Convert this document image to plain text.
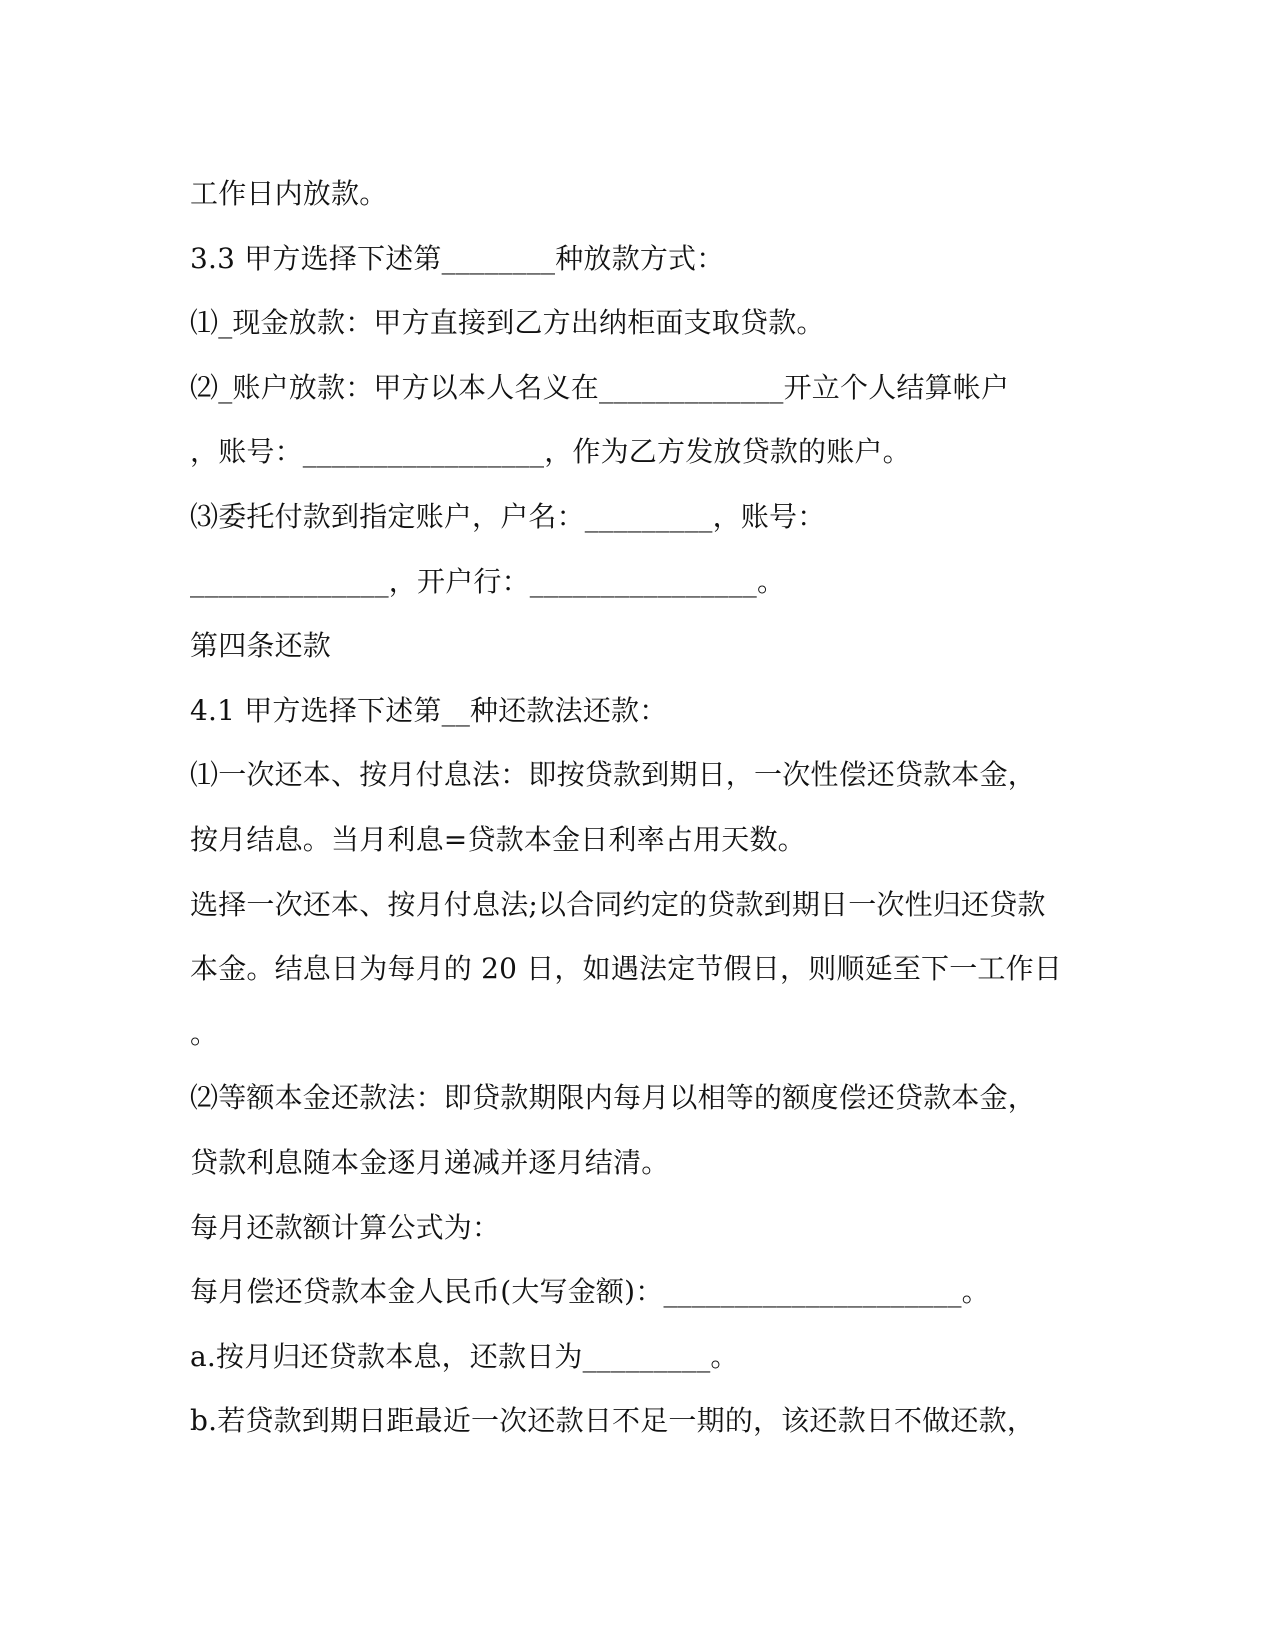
工作日内放款。

3.3 甲方选择下述第________种放款方式：

⑴_现金放款：甲方直接到乙方出纳柜面支取贷款。

⑵_账户放款：甲方以本人名义在_____________开立个人结算帐户

，账号：_________________，作为乙方发放贷款的账户。

⑶委托付款到指定账户，户名：_________，账号：

______________，开户行：________________。

第四条还款

4.1 甲方选择下述第__种还款法还款：

⑴一次还本、按月付息法：即按贷款到期日，一次性偿还贷款本金，

按月结息。当月利息=贷款本金日利率占用天数。

选择一次还本、按月付息法;以合同约定的贷款到期日一次性归还贷款

本金。结息日为每月的 20 日，如遇法定节假日，则顺延至下一工作日

。

⑵等额本金还款法：即贷款期限内每月以相等的额度偿还贷款本金，

贷款利息随本金逐月递减并逐月结清。

每月还款额计算公式为：

每月偿还贷款本金人民币(大写金额)：_____________________。

a.按月归还贷款本息，还款日为_________。

b.若贷款到期日距最近一次还款日不足一期的，该还款日不做还款，
